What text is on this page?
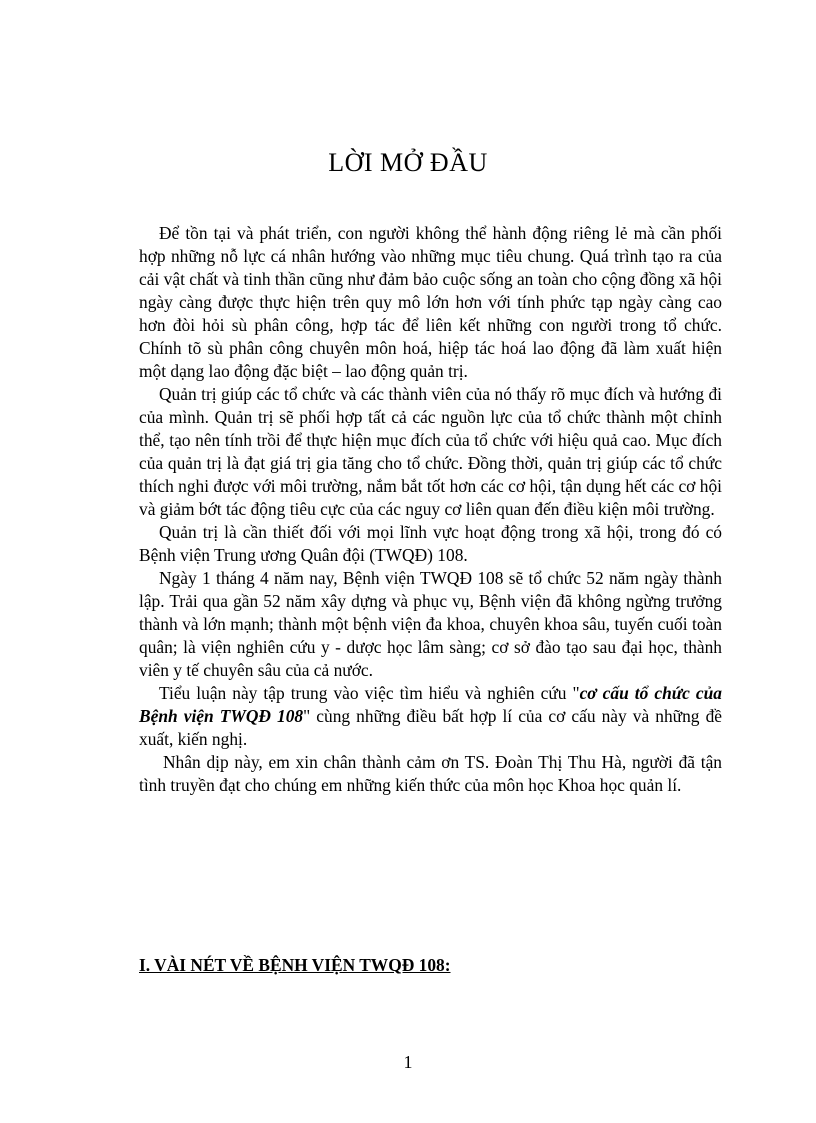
LỜI MỞ ĐẦU

Để tồn tại và phát triển, con người không thể hành động riêng lẻ mà cần phối hợp những nỗ lực cá nhân hướng vào những mục tiêu chung. Quá trình tạo ra của cải vật chất và tinh thần cũng như đảm bảo cuộc sống an toàn cho cộng đồng xã hội ngày càng được thực hiện trên quy mô lớn hơn với tính phức tạp ngày càng cao hơn đòi hỏi sù phân công, hợp tác để liên kết những con người trong tổ chức. Chính tõ sù phân công chuyên môn hoá, hiệp tác hoá lao động đã làm xuất hiện một dạng lao động đặc biệt – lao động quản trị.

Quản trị giúp các tổ chức và các thành viên của nó thấy rõ mục đích và hướng đi của mình. Quản trị sẽ phối hợp tất cả các nguồn lực của tổ chức thành một chỉnh thể, tạo nên tính trồi để thực hiện mục đích của tổ chức với hiệu quả cao. Mục đích của quản trị là đạt giá trị gia tăng cho tổ chức. Đồng thời, quản trị giúp các tổ chức thích nghi được với môi trường, nắm bắt tốt hơn các cơ hội, tận dụng hết các cơ hội và giảm bớt tác động tiêu cực của các nguy cơ liên quan đến điều kiện môi trường.

Quản trị là cần thiết đối với mọi lĩnh vực hoạt động trong xã hội, trong đó có Bệnh viện Trung ương Quân đội (TWQĐ) 108.

Ngày 1 tháng 4 năm nay, Bệnh viện TWQĐ 108 sẽ tổ chức 52 năm ngày thành lập. Trải qua gần 52 năm xây dựng và phục vụ, Bệnh viện đã không ngừng trưởng thành và lớn mạnh; thành một bệnh viện đa khoa, chuyên khoa sâu, tuyến cuối toàn quân; là viện nghiên cứu y - dược học lâm sàng; cơ sở đào tạo sau đại học, thành viên y tế chuyên sâu của cả nước.

Tiểu luận này tập trung vào việc tìm hiểu và nghiên cứu "cơ cấu tổ chức của Bệnh viện TWQĐ 108" cùng những điều bất hợp lí của cơ cấu này và những đề xuất, kiến nghị.

Nhân dịp này, em xin chân thành cảm ơn TS. Đoàn Thị Thu Hà, người đã tận tình truyền đạt cho chúng em những kiến thức của môn học Khoa học quản lí.

I. VÀI NÉT VỀ BỆNH VIỆN TWQĐ 108:
1
